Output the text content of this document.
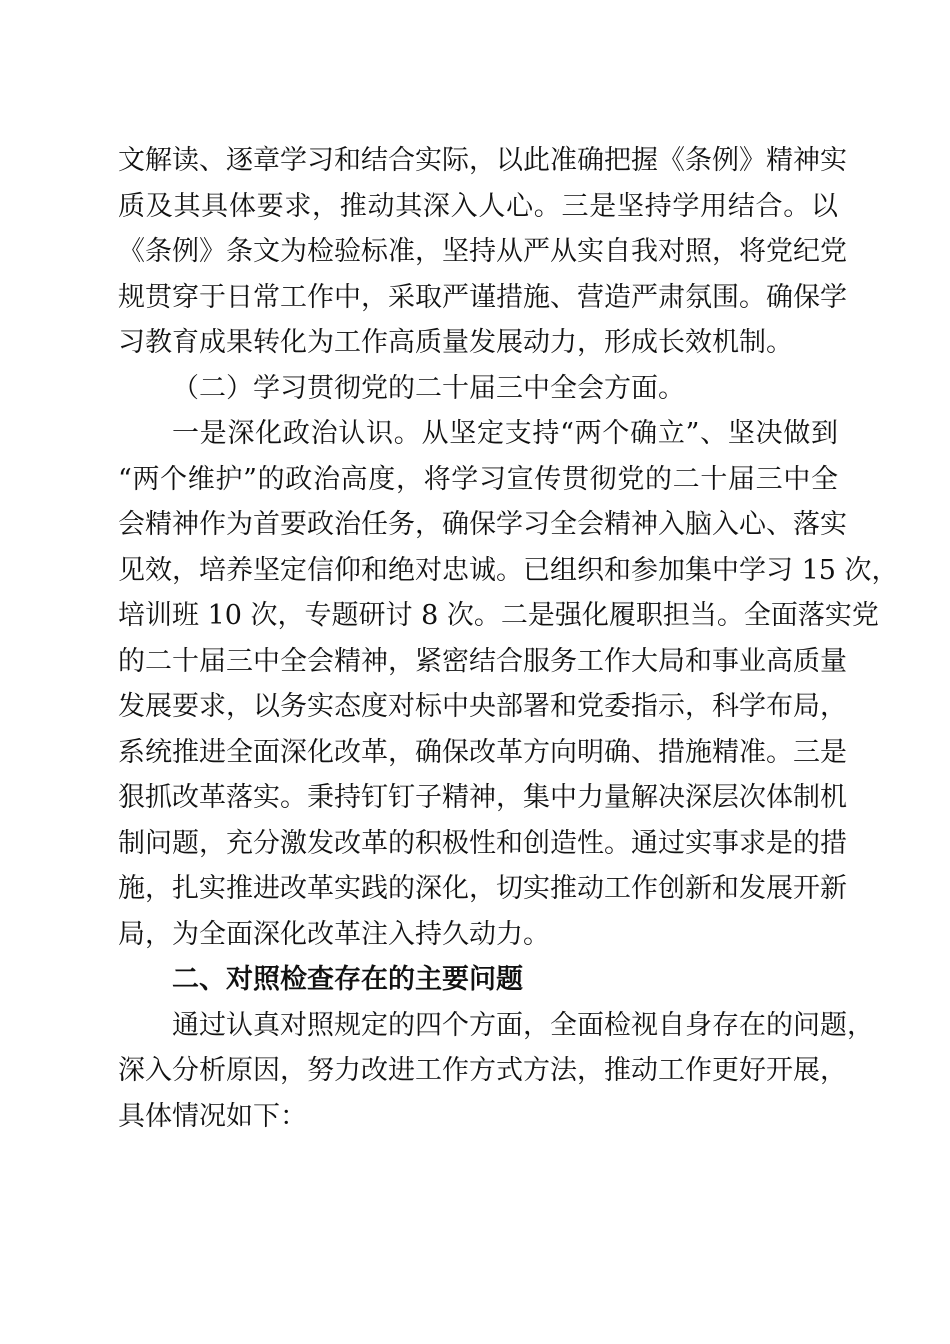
文解读、逐章学习和结合实际，以此准确把握《条例》精神实
质及其具体要求，推动其深入人心。三是坚持学用结合。以
《条例》条文为检验标准，坚持从严从实自我对照，将党纪党
规贯穿于日常工作中，采取严谨措施、营造严肃氛围。确保学
习教育成果转化为工作高质量发展动力，形成长效机制。
（二）学习贯彻党的二十届三中全会方面。
一是深化政治认识。从坚定支持“两个确立”、坚决做到
“两个维护”的政治高度，将学习宣传贯彻党的二十届三中全
会精神作为首要政治任务，确保学习全会精神入脑入心、落实
见效，培养坚定信仰和绝对忠诚。已组织和参加集中学习 15 次，
培训班 10 次，专题研讨 8 次。二是强化履职担当。全面落实党
的二十届三中全会精神，紧密结合服务工作大局和事业高质量
发展要求，以务实态度对标中央部署和党委指示，科学布局，
系统推进全面深化改革，确保改革方向明确、措施精准。三是
狠抓改革落实。秉持钉钉子精神，集中力量解决深层次体制机
制问题，充分激发改革的积极性和创造性。通过实事求是的措
施，扎实推进改革实践的深化，切实推动工作创新和发展开新
局，为全面深化改革注入持久动力。
二、对照检查存在的主要问题
通过认真对照规定的四个方面，全面检视自身存在的问题，
深入分析原因，努力改进工作方式方法，推动工作更好开展，
具体情况如下：
